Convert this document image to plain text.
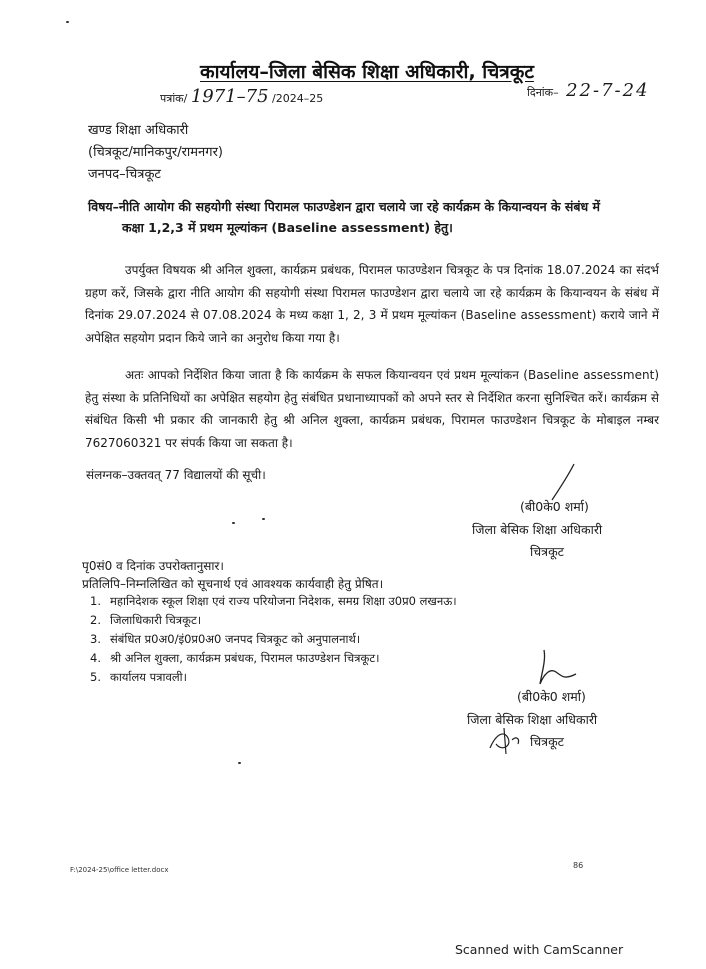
कार्यालय–जिला बेसिक शिक्षा अधिकारी, चित्रकूट
पत्रांक/ 1971–75 /2024–25	दिनांक– 22-7-24
खण्ड शिक्षा अधिकारी
(चित्रकूट/मानिकपुर/रामनगर)
जनपद–चित्रकूट
विषय–नीति आयोग की सहयोगी संस्था पिरामल फाउण्डेशन द्वारा चलाये जा रहे कार्यक्रम के कियान्वयन के संबंध में
कक्षा 1,2,3 में प्रथम मूल्यांकन (Baseline assessment) हेतु।

उपर्युक्त विषयक श्री अनिल शुक्ला, कार्यक्रम प्रबंधक, पिरामल फाउण्डेशन चित्रकूट के पत्र दिनांक 18.07.2024 का संदर्भ ग्रहण करें, जिसके द्वारा नीति आयोग की सहयोगी संस्था पिरामल फाउण्डेशन द्वारा चलाये जा रहे कार्यक्रम के कियान्वयन के संबंध में दिनांक 29.07.2024 से 07.08.2024 के मध्य कक्षा 1, 2, 3 में प्रथम मूल्यांकन (Baseline assessment) कराये जाने में अपेक्षित सहयोग प्रदान किये जाने का अनुरोध किया गया है।

अतः आपको निर्देशित किया जाता है कि कार्यक्रम के सफल कियान्वयन एवं प्रथम मूल्यांकन (Baseline assessment) हेतु संस्था के प्रतिनिधियों का अपेक्षित सहयोग हेतु संबंधित प्रधानाध्यापकों को अपने स्तर से निर्देशित करना सुनिश्चित करें। कार्यक्रम से संबंधित किसी भी प्रकार की जानकारी हेतु श्री अनिल शुक्ला, कार्यक्रम प्रबंधक, पिरामल फाउण्डेशन चित्रकूट के मोबाइल नम्बर 7627060321 पर संपर्क किया जा सकता है।

संलग्नक–उक्तवत् 77 विद्यालयों की सूची।
(बी0के0 शर्मा)
जिला बेसिक शिक्षा अधिकारी
चित्रकूट
पृ0सं0 व दिनांक उपरोक्तानुसार।
प्रतिलिपि–निम्नलिखित को सूचनार्थ एवं आवश्यक कार्यवाही हेतु प्रेषित।
1. महानिदेशक स्कूल शिक्षा एवं राज्य परियोजना निदेशक, समग्र शिक्षा उ0प्र0 लखनऊ।
2. जिलाधिकारी चित्रकूट।
3. संबंधित प्र0अ0/इं0प्र0अ0 जनपद चित्रकूट को अनुपालनार्थ।
4. श्री अनिल शुक्ला, कार्यक्रम प्रबंधक, पिरामल फाउण्डेशन चित्रकूट।
5. कार्यालय पत्रावली।
(बी0के0 शर्मा)
जिला बेसिक शिक्षा अधिकारी
चित्रकूट
F:\2024-25\office letter.docx	86
Scanned with CamScanner
